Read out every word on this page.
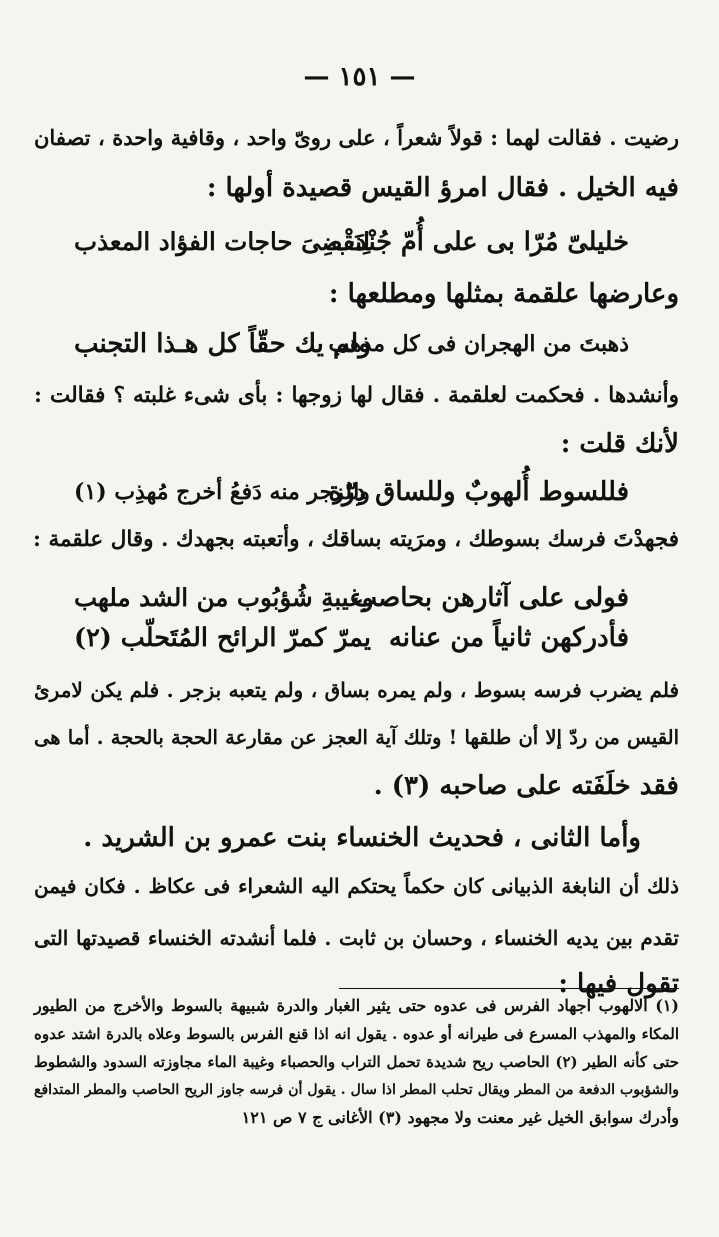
— ١٥١ —
رضيت . فقالت لهما : قولاً شعراً ، على روىّ واحد ، وقافية واحدة ، تصفان
فيه الخيل . فقال امرؤ القيس قصيدة أولها :
خليلىّ مُرّا بى على أُمّ جُنْدَب
لِنَقْضِىَ حاجات الفؤاد المعذب
وعارضها علقمة بمثلها ومطلعها :
ذهبتَ من الهجران فى كل مذهب
ولم يك حقّاً كل هـذا التجنب
وأنشدها . فحكمت لعلقمة . فقال لها زوجها : بأى شىء غلبته ؟ فقالت :
لأنك قلت :
فللسوط أُلهوبٌ وللساق دِرّة
وللزجر منه دَفعُ أخرج مُهذِب (١)
فجهدْتَ فرسك بسوطك ، ومرَيته بساقك ، وأتعبته بجهدك . وقال علقمة :
فولى على آثارهن بحاصب
وغيبةِ شُؤبُوب من الشد ملهب
فأدركهن ثانياً من عنانه
يمرّ كمرّ الرائح المُتَحلّب (٢)
فلم يضرب فرسه بسوط ، ولم يمره بساق ، ولم يتعبه بزجر . فلم يكن لامرئ
القيس من ردّ إلا أن طلقها ! وتلك آية العجز عن مقارعة الحجة بالحجة . أما هى
فقد خلَفَته على صاحبه (٣) .
وأما الثانى ، فحديث الخنساء بنت عمرو بن الشريد .
ذلك أن النابغة الذبيانى كان حكماً يحتكم اليه الشعراء فى عكاظ . فكان فيمن
تقدم بين يديه الخنساء ، وحسان بن ثابت . فلما أنشدته الخنساء قصيدتها التى
تقول فيها :
(١) الالهوب اجهاد الفرس فى عدوه حتى يثير الغبار والدرة شبيهة بالسوط والأخرج من الطيور
المكاء والمهذب المسرع فى طيرانه أو عدوه . يقول انه اذا قنع الفرس بالسوط وعلاه بالدرة اشتد عدوه
حتى كأنه الطير (٢) الحاصب ريح شديدة تحمل التراب والحصباء وغيبة الماء مجاوزته السدود والشطوط
والشؤبوب الدفعة من المطر ويقال تحلب المطر اذا سال . يقول أن فرسه جاوز الريح الحاصب والمطر المتدافع
وأدرك سوابق الخيل غير معنت ولا مجهود (٣) الأغانى ج ٧ ص ١٢١
